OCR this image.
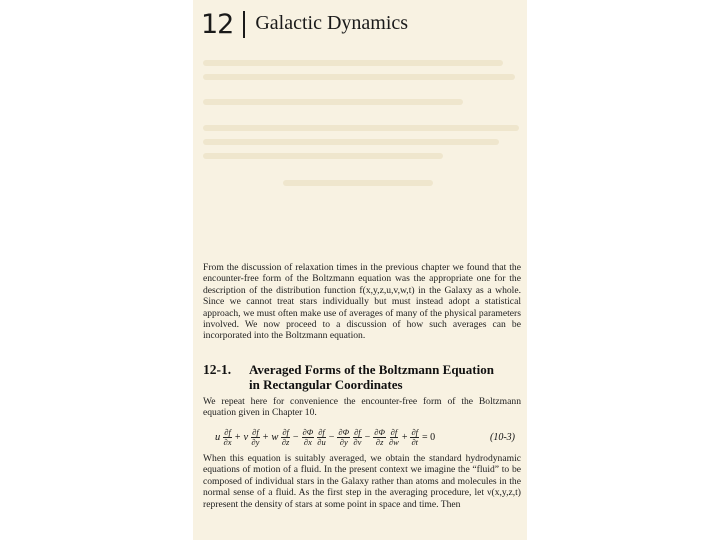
12 Galactic Dynamics

From the discussion of relaxation times in the previous chapter we found that the encounter-free form of the Boltzmann equation was the appropriate one for the description of the distribution function f(x,y,z,u,v,w,t) in the Galaxy as a whole. Since we cannot treat stars individually but must instead adopt a statistical approach, we must often make use of averages of many of the physical parameters involved. We now proceed to a discussion of how such averages can be incorporated into the Boltzmann equation.

12-1. Averaged Forms of the Boltzmann Equation
in Rectangular Coordinates

We repeat here for convenience the encounter-free form of the Boltzmann equation given in Chapter 10.

u $\frac{\partial f}{\partial x} + v \frac{\partial f}{\partial y} + w \frac{\partial f}{\partial z} - \frac{\partial\Phi}{\partial x} \frac{\partial f}{\partial u} - \frac{\partial\Phi}{\partial y} \frac{\partial f}{\partial v} - \frac{\partial\Phi}{\partial z} \frac{\partial f}{\partial w} + \frac{\partial f}{\partial t} = 0$	(10-3)

When this equation is suitably averaged, we obtain the standard hydrodynamic equations of motion of a fluid. In the present context we imagine the “fluid” to be composed of individual stars in the Galaxy rather than atoms and molecules in the normal sense of a fluid. As the first step in the averaging procedure, let ν(x,y,z,t) represent the density of stars at some point in space and time. Then
